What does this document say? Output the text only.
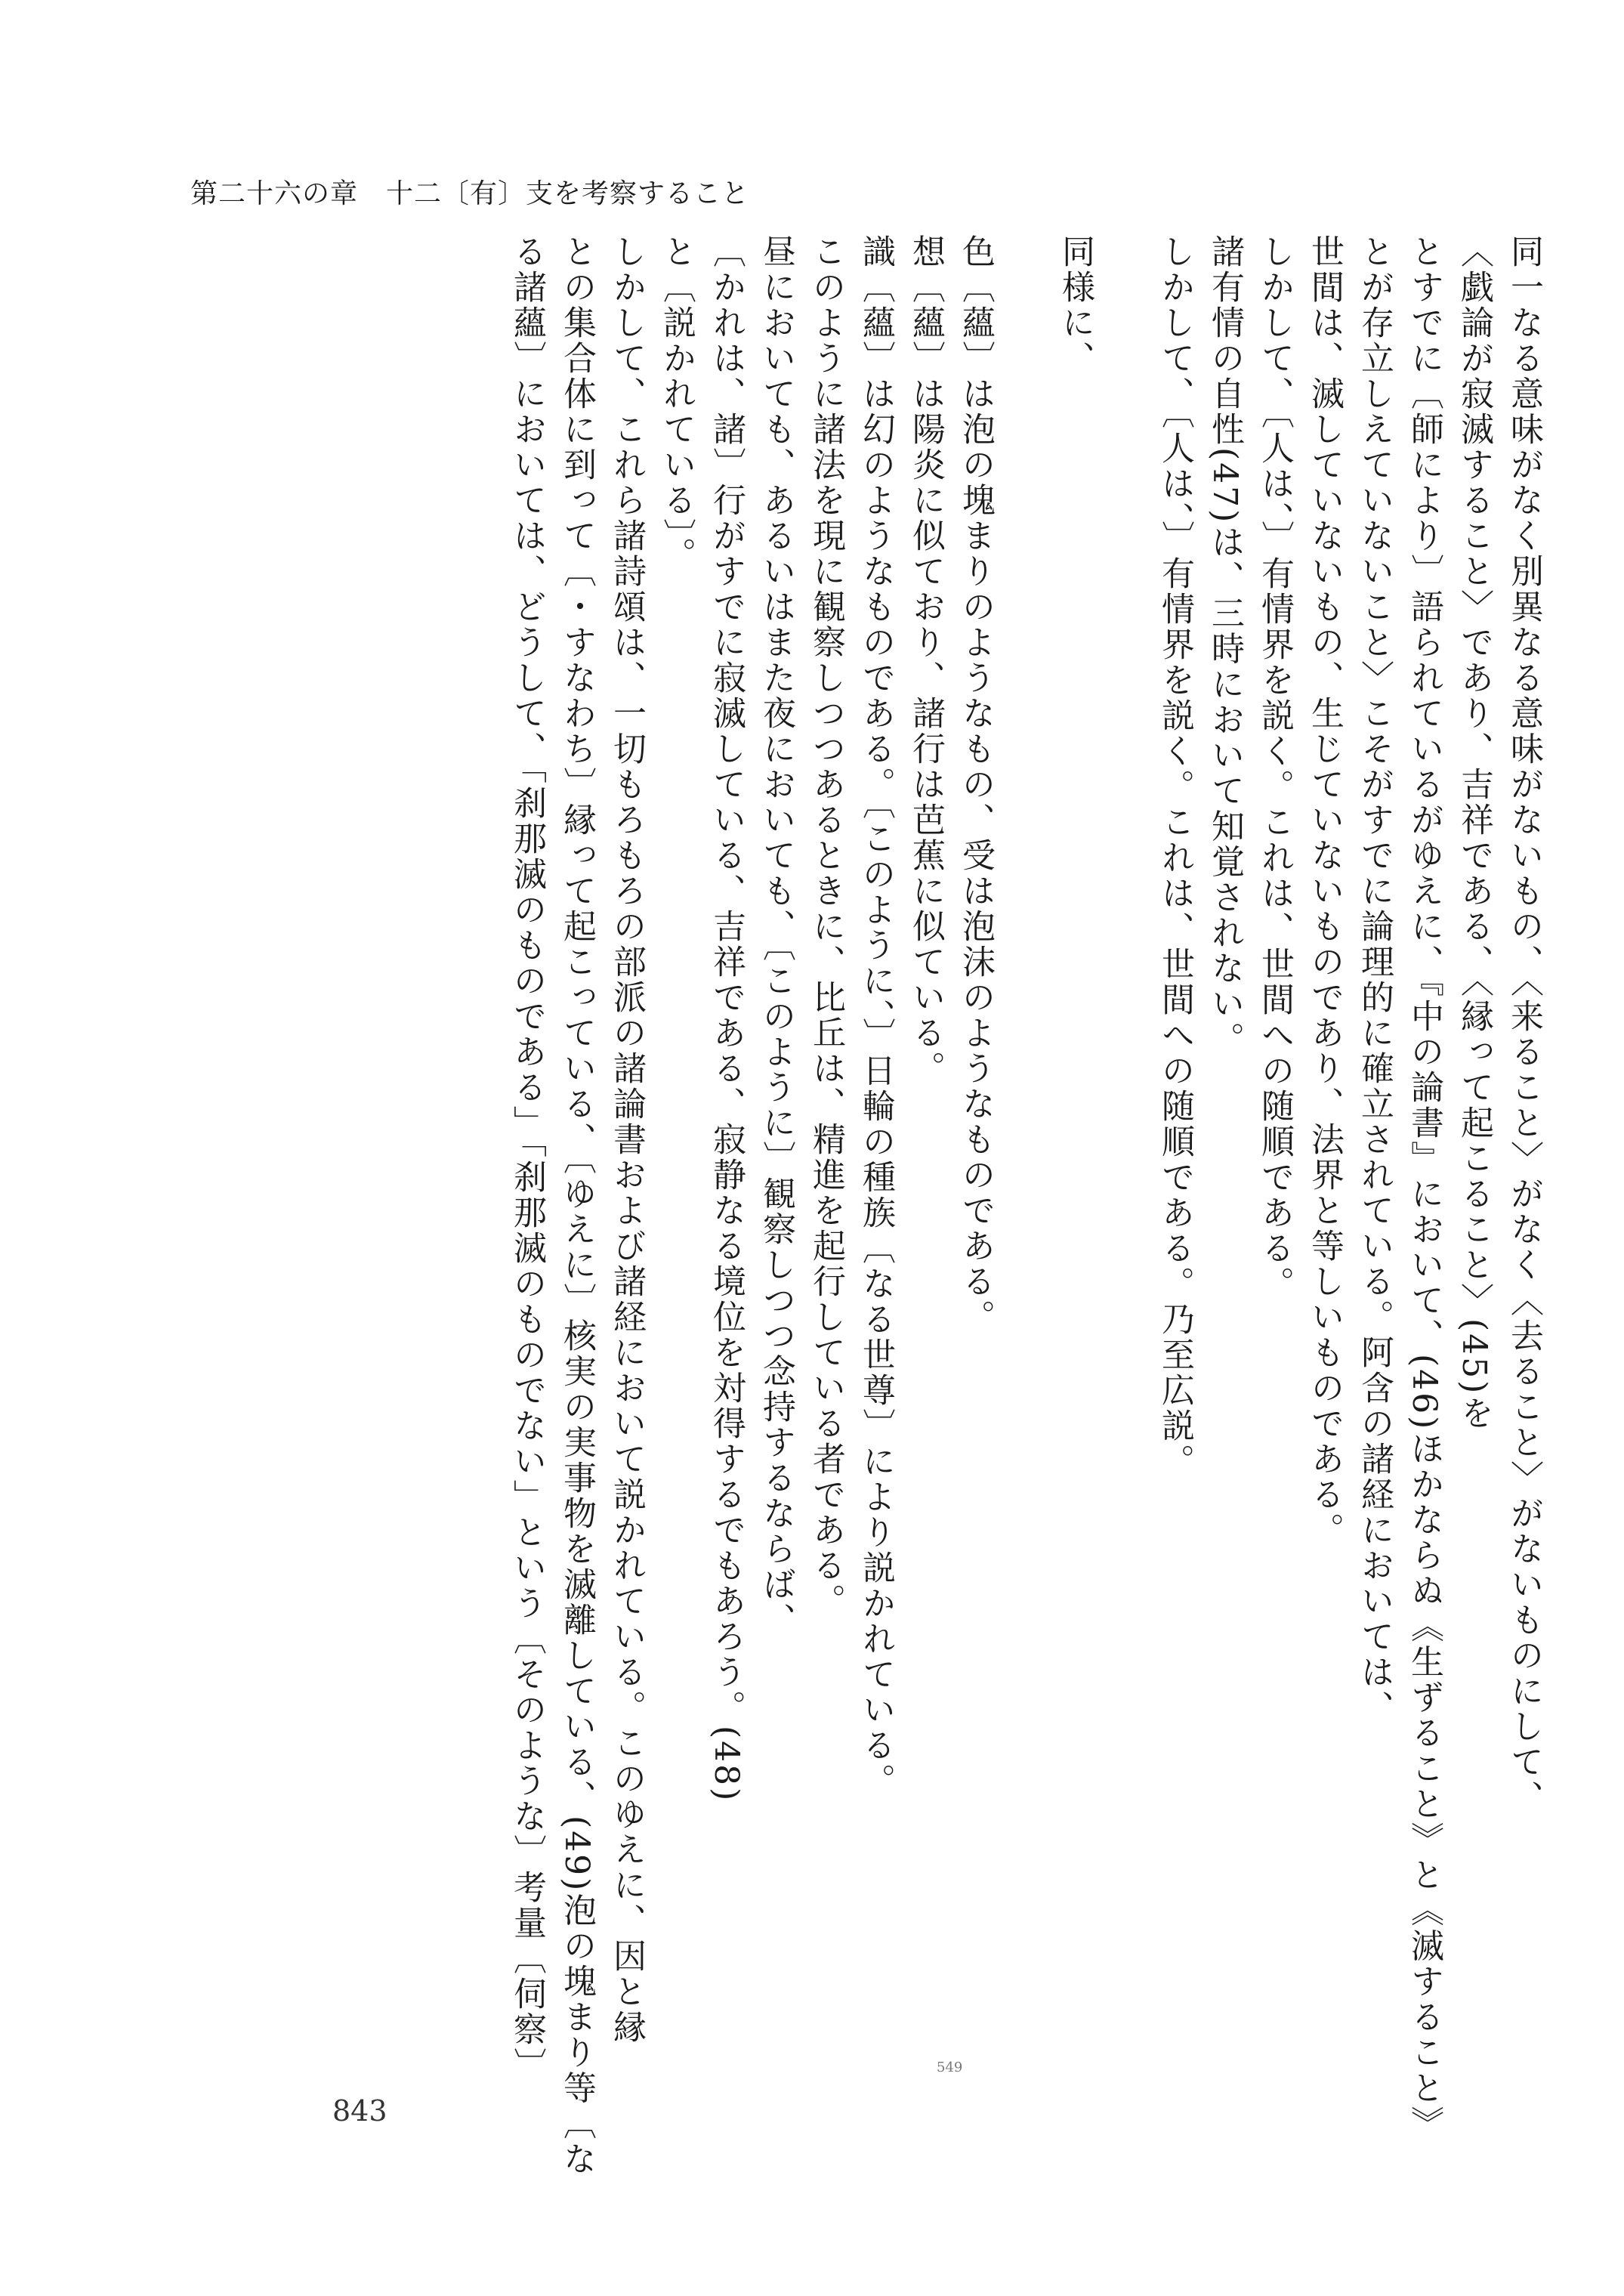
第二十六の章　十二〔有〕支を考察すること
同一なる意味がなく別異なる意味がないもの、〈来ること〉がなく〈去ること〉がないものにして、
〈戯論が寂滅すること〉であり、吉祥である、〈縁って起こること〉(45)を
とすでに〔師により〕語られているがゆえに、『中の論書』において、(46)ほかならぬ《生ずること》と《滅すること》
とが存立しえていないこと〉こそがすでに論理的に確立されている。阿含の諸経においては、
世間は、滅していないもの、生じていないものであり、法界と等しいものである。
しかして、〔人は、〕有情界を説く。これは、世間への随順である。
諸有情の自性(47)は、三時において知覚されない。
しかして、〔人は、〕有情界を説く。これは、世間への随順である。乃至広説。
同様に、
色〔蘊〕は泡の塊まりのようなもの、受は泡沫のようなものである。
想〔蘊〕は陽炎に似ており、諸行は芭蕉に似ている。
識〔蘊〕は幻のようなものである。〔このように、〕日輪の種族〔なる世尊〕により説かれている。
このように諸法を現に観察しつつあるときに、比丘は、精進を起行している者である。
昼においても、あるいはまた夜においても、〔このように〕観察しつつ念持するならば、
〔かれは、諸〕行がすでに寂滅している、吉祥である、寂静なる境位を対得するでもあろう。(48)
と〔説かれている〕。
しかして、これら諸詩頌は、一切もろもろの部派の諸論書および諸経において説かれている。このゆえに、因と縁
との集合体に到って〔・すなわち〕縁って起こっている、〔ゆえに〕核実の実事物を滅離している、(49)泡の塊まり等〔な
る諸蘊〕においては、どうして、「刹那滅のものである」「刹那滅のものでない」という〔そのような〕考量〔伺察〕	549
843
